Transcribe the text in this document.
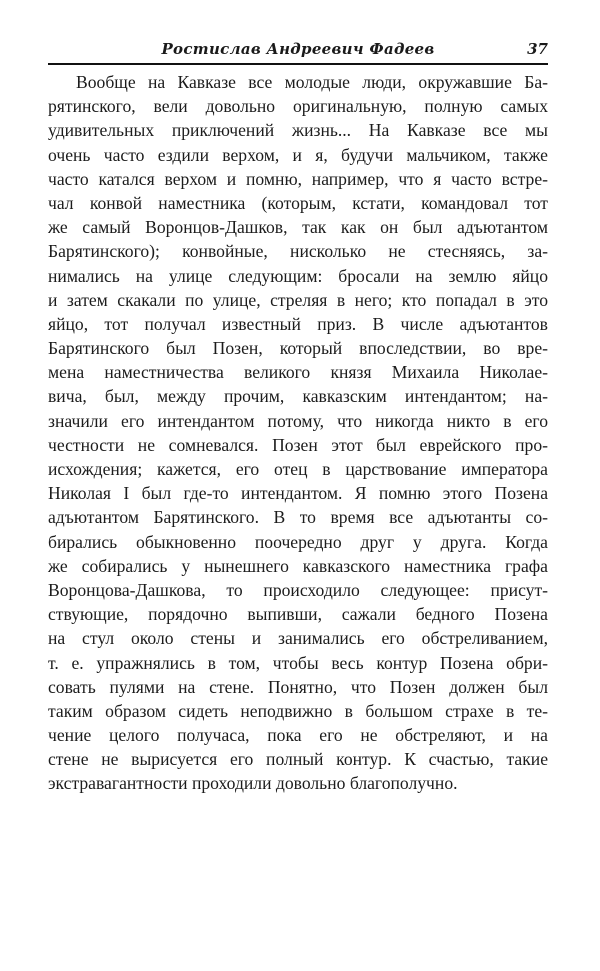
Ростислав Андреевич Фадеев	37
Вообще на Кавказе все молодые люди, окружавшие Ба-
рятинского, вели довольно оригинальную, полную самых
удивительных приключений жизнь... На Кавказе все мы
очень часто ездили верхом, и я, будучи мальчиком, также
часто катался верхом и помню, например, что я часто встре-
чал конвой наместника (которым, кстати, командовал тот
же самый Воронцов-Дашков, так как он был адъютантом
Барятинского); конвойные, нисколько не стесняясь, за-
нимались на улице следующим: бросали на землю яйцо
и затем скакали по улице, стреляя в него; кто попадал в это
яйцо, тот получал известный приз. В числе адъютантов
Барятинского был Позен, который впоследствии, во вре-
мена наместничества великого князя Михаила Николае-
вича, был, между прочим, кавказским интендантом; на-
значили его интендантом потому, что никогда никто в его
честности не сомневался. Позен этот был еврейского про-
исхождения; кажется, его отец в царствование императора
Николая I был где-то интендантом. Я помню этого Позена
адъютантом Барятинского. В то время все адъютанты со-
бирались обыкновенно поочередно друг у друга. Когда
же собирались у нынешнего кавказского наместника графа
Воронцова-Дашкова, то происходило следующее: присут-
ствующие, порядочно выпивши, сажали бедного Позена
на стул около стены и занимались его обстреливанием,
т. е. упражнялись в том, чтобы весь контур Позена обри-
совать пулями на стене. Понятно, что Позен должен был
таким образом сидеть неподвижно в большом страхе в те-
чение целого получаса, пока его не обстреляют, и на
стене не вырисуется его полный контур. К счастью, такие
экстравагантности проходили довольно благополучно.
